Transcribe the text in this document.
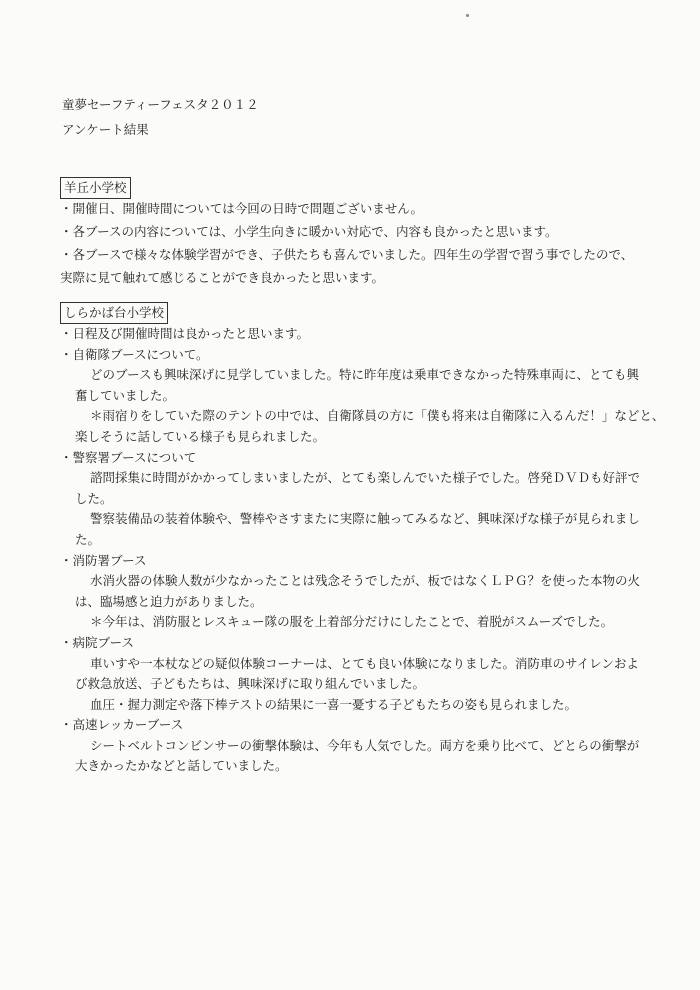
童夢セーフティーフェスタ２０１２
アンケート結果
羊丘小学校
・開催日、開催時間については今回の日時で問題ございません。
・各ブースの内容については、小学生向きに暖かい対応で、内容も良かったと思います。
・各ブースで様々な体験学習ができ、子供たちも喜んでいました。四年生の学習で習う事でしたので、
実際に見て触れて感じることができ良かったと思います。
しらかば台小学校
・日程及び開催時間は良かったと思います。
・自衛隊ブースについて。
どのブースも興味深げに見学していました。特に昨年度は乗車できなかった特殊車両に、とても興
奮していました。
＊雨宿りをしていた際のテントの中では、自衛隊員の方に「僕も将来は自衛隊に入るんだ！」などと、
楽しそうに話している様子も見られました。
・警察署ブースについて
諮問採集に時間がかかってしまいましたが、とても楽しんでいた様子でした。啓発ＤＶＤも好評で
した。
警察装備品の装着体験や、警棒やさすまたに実際に触ってみるなど、興味深げな様子が見られまし
た。
・消防署ブース
水消火器の体験人数が少なかったことは残念そうでしたが、板ではなくＬＰＧ？を使った本物の火
は、臨場感と迫力がありました。
＊今年は、消防服とレスキュー隊の服を上着部分だけにしたことで、着脱がスムーズでした。
・病院ブース
車いすや一本杖などの疑似体験コーナーは、とても良い体験になりました。消防車のサイレンおよ
び救急放送、子どもたちは、興味深げに取り組んでいました。
血圧・握力測定や落下棒テストの結果に一喜一憂する子どもたちの姿も見られました。
・高速レッカーブース
シートベルトコンビンサーの衝撃体験は、今年も人気でした。両方を乗り比べて、どとらの衝撃が
大きかったかなどと話していました。
